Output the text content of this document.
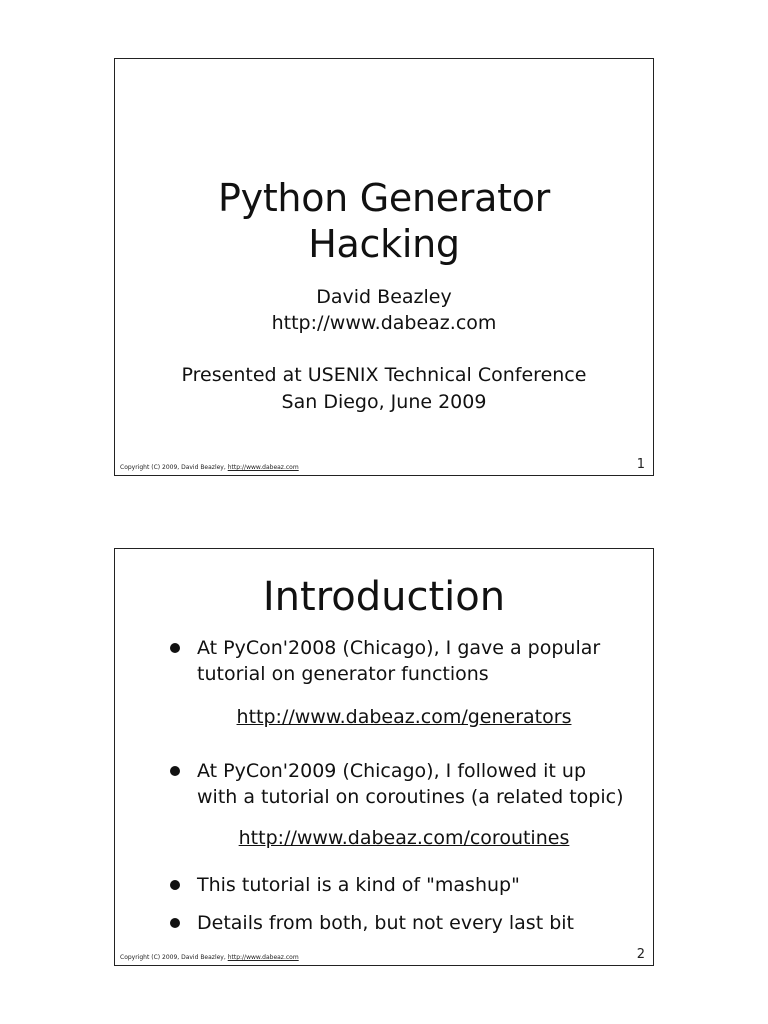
Python Generator
Hacking

David Beazley

http://www.dabeaz.com

Presented at USENIX Technical Conference

San Diego, June 2009

Copyright (C) 2009, David Beazley, http://www.dabeaz.com	1
Introduction
At PyCon'2008 (Chicago), I gave a popular
tutorial on generator functions
http://www.dabeaz.com/generators
At PyCon'2009 (Chicago), I followed it up
with a tutorial on coroutines (a related topic)
http://www.dabeaz.com/coroutines
This tutorial is a kind of "mashup"
Details from both, but not every last bit
Copyright (C) 2009, David Beazley, http://www.dabeaz.com	2
